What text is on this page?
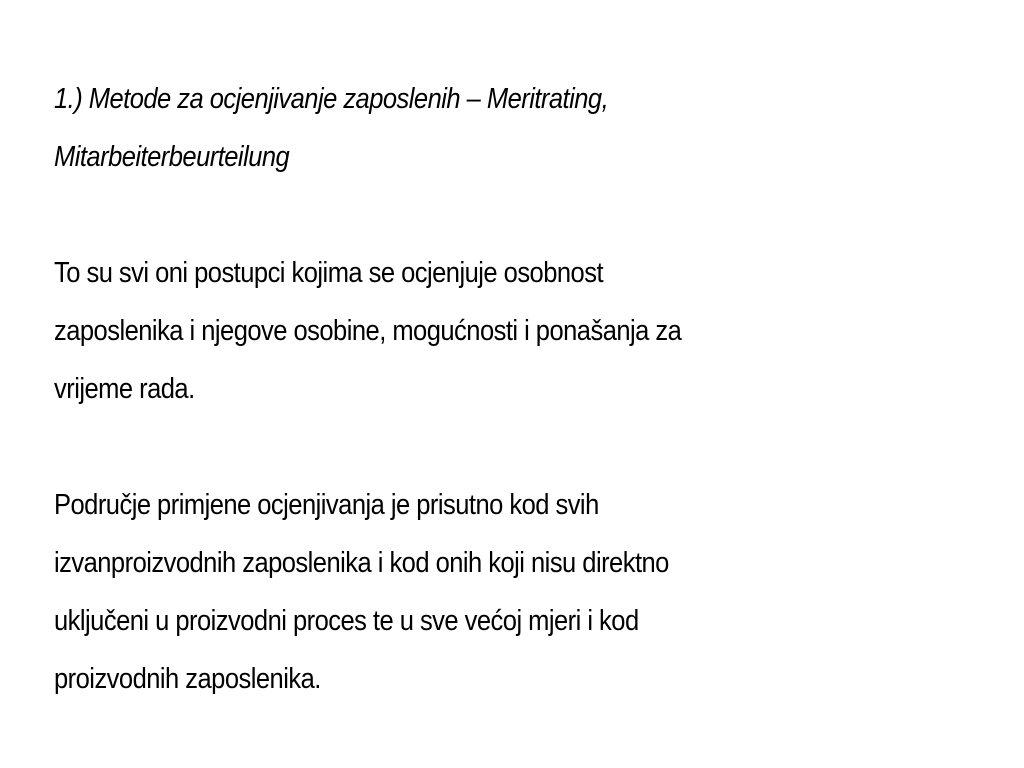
1.) Metode za ocjenjivanje zaposlenih – Meritrating,
Mitarbeiterbeurteilung
To su svi oni postupci kojima se ocjenjuje osobnost
zaposlenika i njegove osobine, mogućnosti i ponašanja za
vrijeme rada.
Područje primjene ocjenjivanja je prisutno kod svih
izvanproizvodnih zaposlenika i kod onih koji nisu direktno
uključeni u proizvodni proces te u sve većoj mjeri i kod
proizvodnih zaposlenika.
